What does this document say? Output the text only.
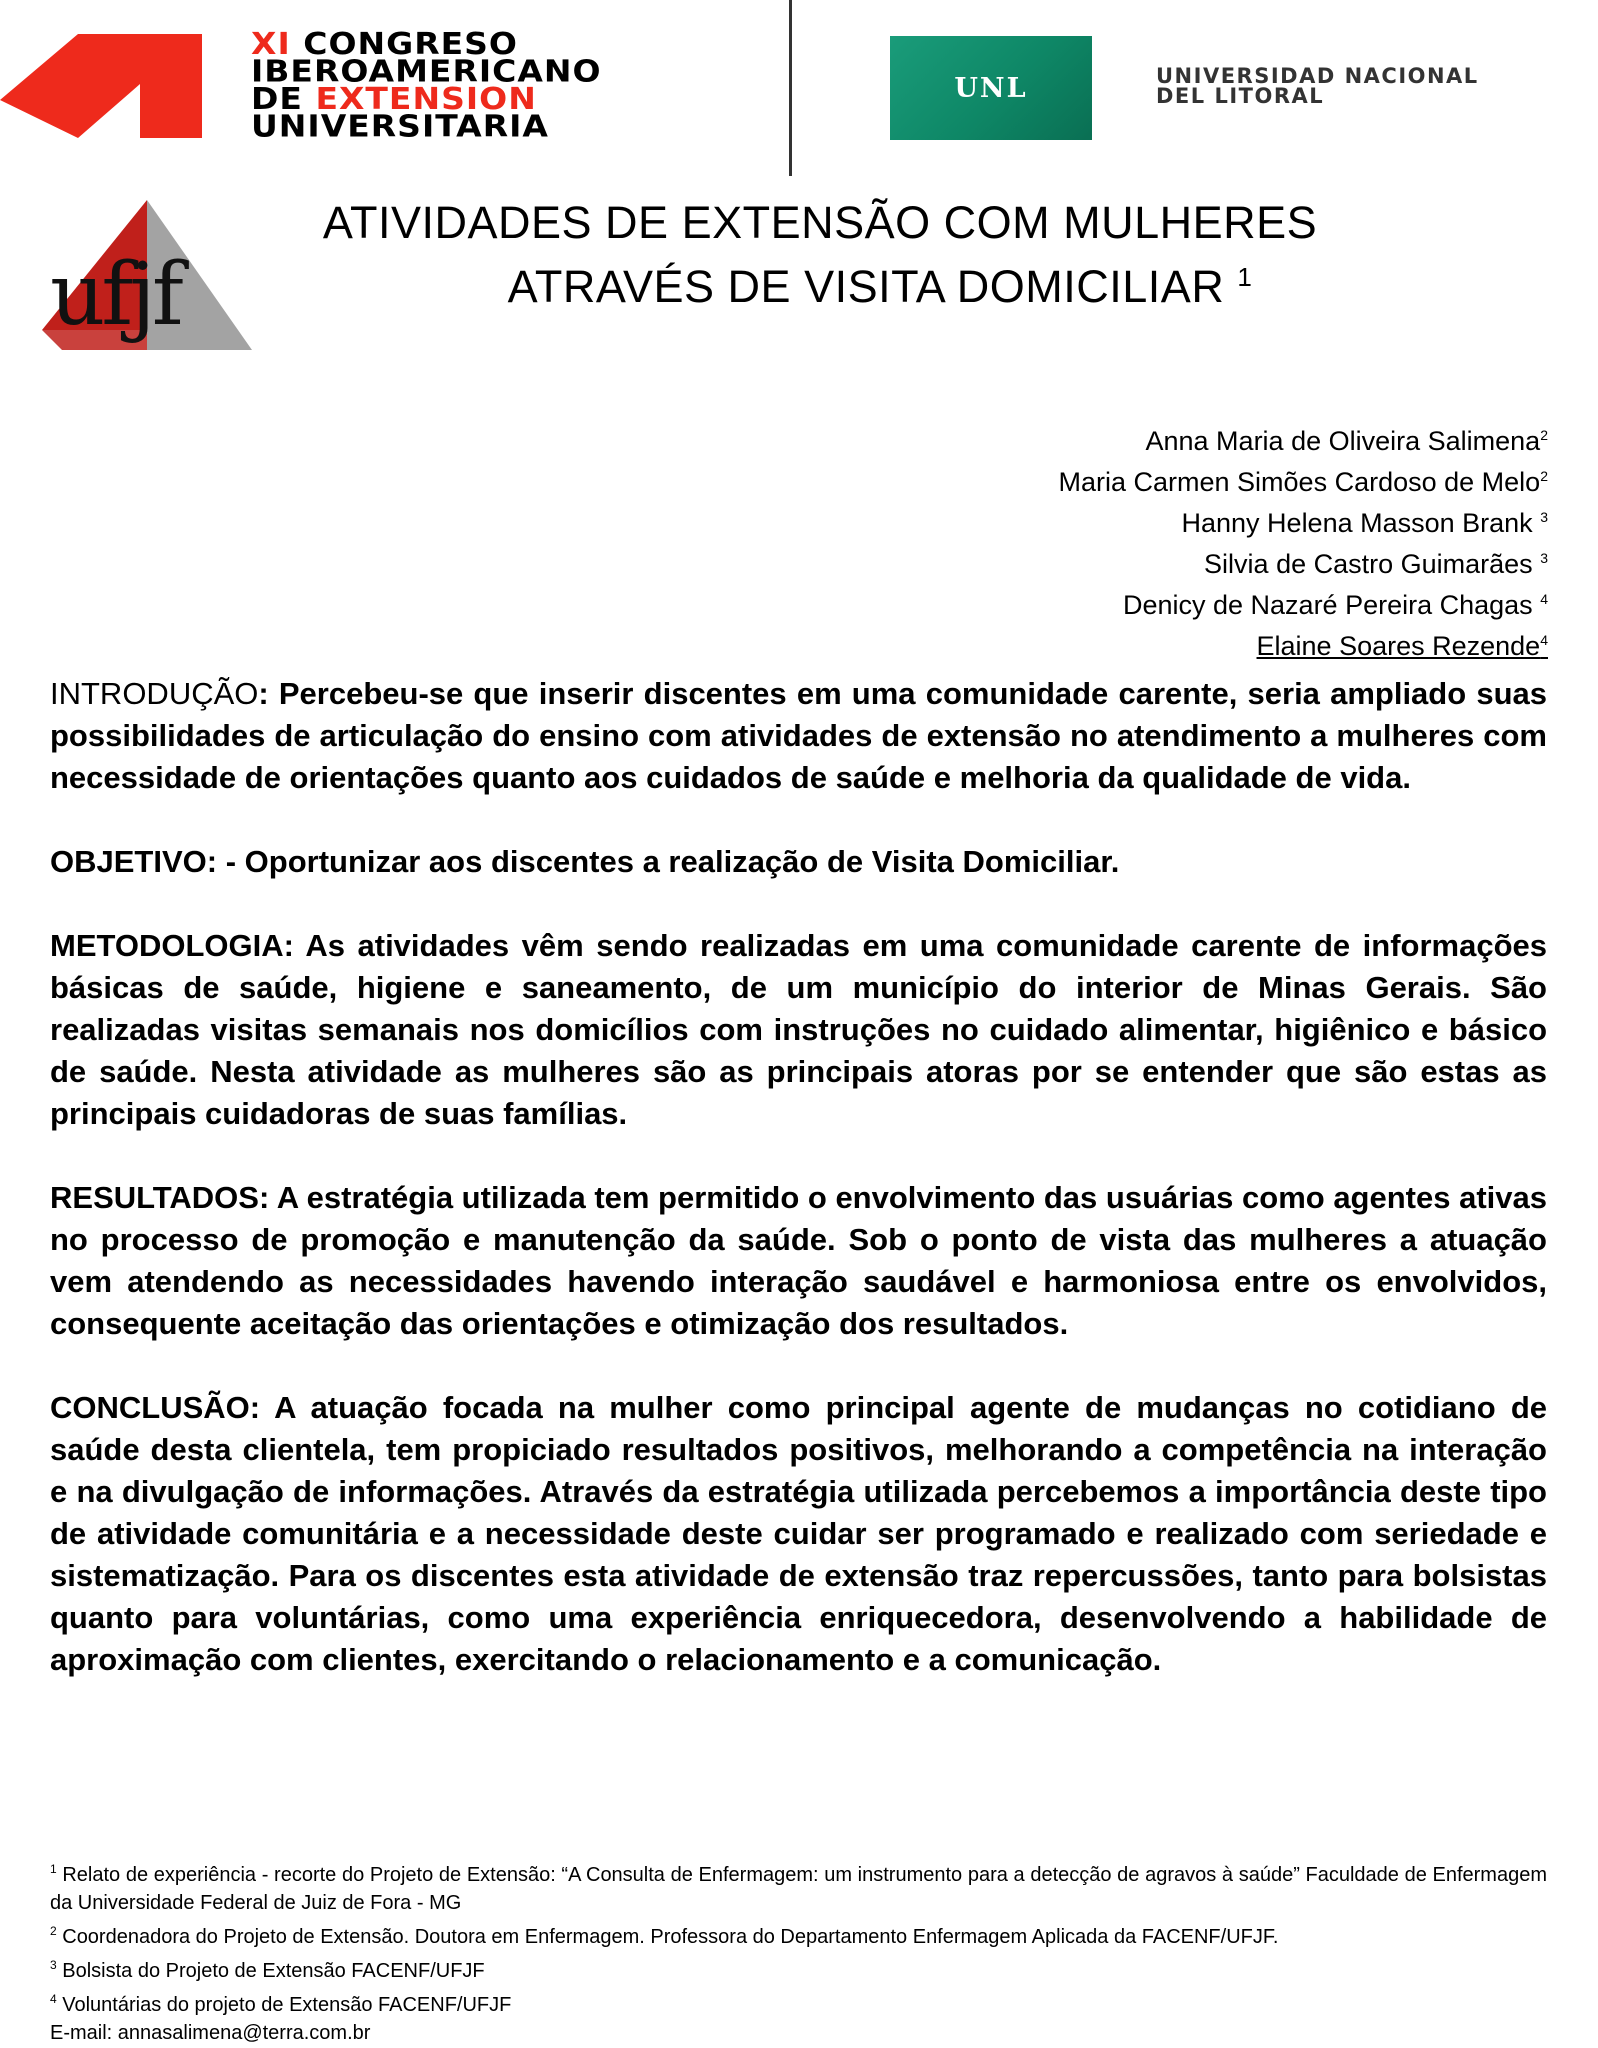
XI CONGRESO
IBEROAMERICANO
DE EXTENSION
UNIVERSITARIA
UNL	UNIVERSIDAD NACIONAL
DEL LITORAL
ufjf
ATIVIDADES DE EXTENSÃO COM MULHERES
ATRAVÉS DE VISITA DOMICILIAR $^1$
Anna Maria de Oliveira Salimena$^2$
Maria Carmen Simões Cardoso de Melo$^2$
Hanny Helena Masson Brank $^3$
Silvia de Castro Guimarães $^3$
Denicy de Nazaré Pereira Chagas $^4$
Elaine Soares Rezende$^4$

INTRODUÇÃO: Percebeu-se que inserir discentes em uma comunidade carente, seria ampliado suas possibilidades de articulação do ensino com atividades de extensão no atendimento a mulheres com necessidade de orientações quanto aos cuidados de saúde e melhoria da qualidade de vida.

OBJETIVO: - Oportunizar aos discentes a realização de Visita Domiciliar.

METODOLOGIA: As atividades vêm sendo realizadas em uma comunidade carente de informações básicas de saúde, higiene e saneamento, de um município do interior de Minas Gerais. São realizadas visitas semanais nos domicílios com instruções no cuidado alimentar, higiênico e básico de saúde. Nesta atividade as mulheres são as principais atoras por se entender que são estas as principais cuidadoras de suas famílias.

RESULTADOS: A estratégia utilizada tem permitido o envolvimento das usuárias como agentes ativas no processo de promoção e manutenção da saúde. Sob o ponto de vista das mulheres a atuação vem atendendo as necessidades havendo interação saudável e harmoniosa entre os envolvidos, consequente aceitação das orientações e otimização dos resultados.

CONCLUSÃO: A atuação focada na mulher como principal agente de mudanças no cotidiano de saúde desta clientela, tem propiciado resultados positivos, melhorando a competência na interação e na divulgação de informações. Através da estratégia utilizada percebemos a importância deste tipo de atividade comunitária e a necessidade deste cuidar ser programado e realizado com seriedade e sistematização. Para os discentes esta atividade de extensão traz repercussões, tanto para bolsistas quanto para voluntárias, como uma experiência enriquecedora, desenvolvendo a habilidade de aproximação com clientes, exercitando o relacionamento e a comunicação.

$^1$ Relato de experiência - recorte do Projeto de Extensão: “A Consulta de Enfermagem: um instrumento para a detecção de agravos à saúde” Faculdade de Enfermagem da Universidade Federal de Juiz de Fora - MG

$^2$ Coordenadora do Projeto de Extensão. Doutora em Enfermagem. Professora do Departamento Enfermagem Aplicada da FACENF/UFJF.

$^3$ Bolsista do Projeto de Extensão FACENF/UFJF

$^4$ Voluntárias do projeto de Extensão FACENF/UFJF

E-mail: annasalimena@terra.com.br
